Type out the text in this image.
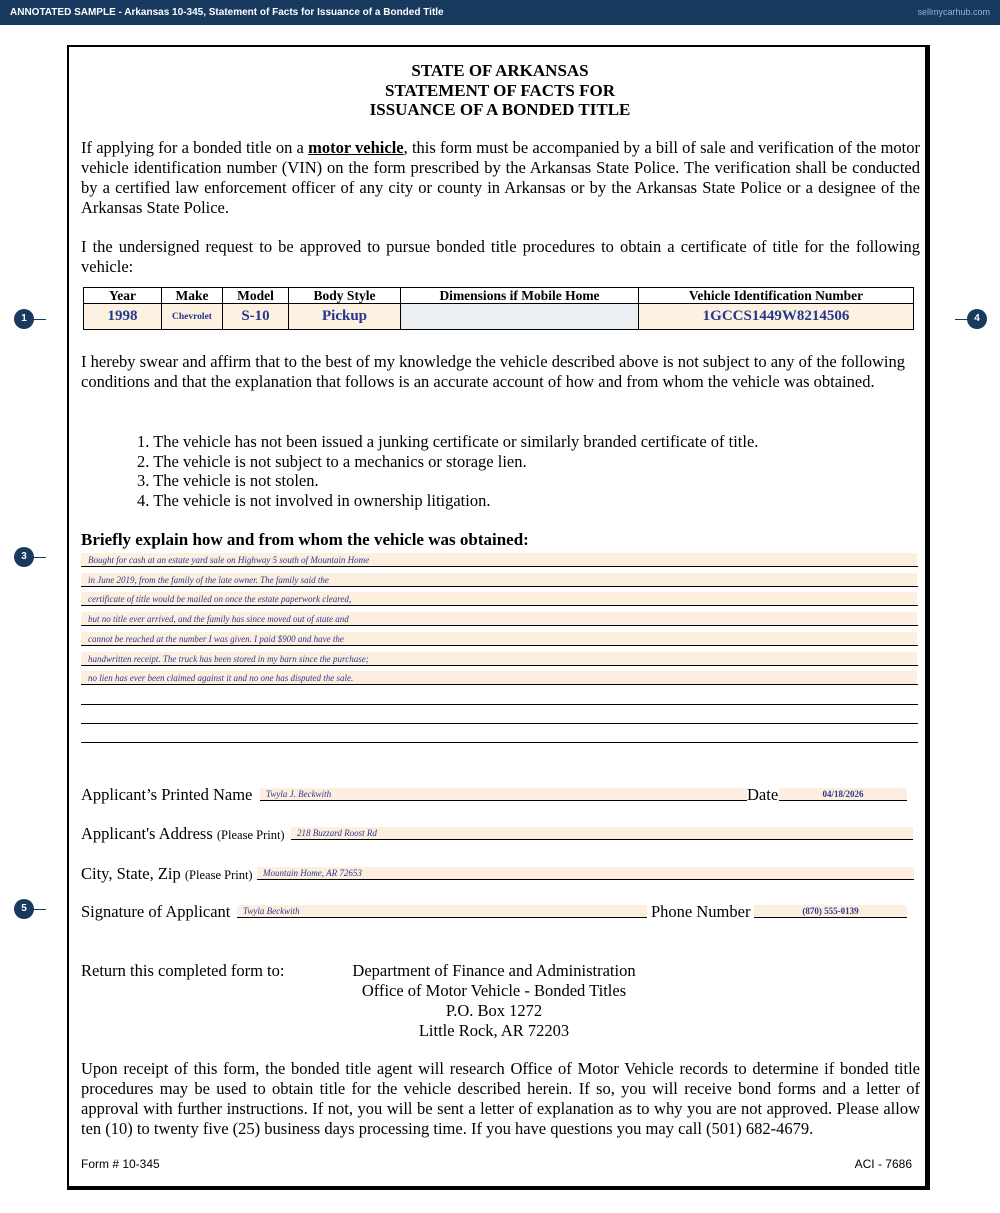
ANNOTATED SAMPLE - Arkansas 10-345, Statement of Facts for Issuance of a Bonded Title	sellmycarhub.com
STATE OF ARKANSAS
STATEMENT OF FACTS FOR
ISSUANCE OF A BONDED TITLE
If applying for a bonded title on a motor vehicle, this form must be accompanied by a bill of sale and verification of the motor vehicle identification number (VIN) on the form prescribed by the Arkansas State Police. The verification shall be conducted by a certified law enforcement officer of any city or county in Arkansas or by the Arkansas State Police or a designee of the Arkansas State Police.
I the undersigned request to be approved to pursue bonded title procedures to obtain a certificate of title for the following vehicle:
Year	Make	Model	Body Style	Dimensions if Mobile Home	Vehicle Identification Number
1998	Chevrolet	S-10	Pickup		1GCCS1449W8214506
I hereby swear and affirm that to the best of my knowledge the vehicle described above is not subject to any of the following conditions and that the explanation that follows is an accurate account of how and from whom the vehicle was obtained.
1. The vehicle has not been issued a junking certificate or similarly branded certificate of title.
2. The vehicle is not subject to a mechanics or storage lien.
3. The vehicle is not stolen.
4. The vehicle is not involved in ownership litigation.
Briefly explain how and from whom the vehicle was obtained:
Bought for cash at an estate yard sale on Highway 5 south of Mountain Home
in June 2019, from the family of the late owner. The family said the
certificate of title would be mailed on once the estate paperwork cleared,
but no title ever arrived, and the family has since moved out of state and
cannot be reached at the number I was given. I paid $900 and have the
handwritten receipt. The truck has been stored in my barn since the purchase;
no lien has ever been claimed against it and no one has disputed the sale.
Applicant’s Printed Name	Twyla J. Beckwith	Date	04/18/2026
Applicant's Address (Please Print)	218 Buzzard Roost Rd
City, State, Zip (Please Print)	Mountain Home, AR 72653
Signature of Applicant	Twyla Beckwith	Phone Number	(870) 555-0139
Return this completed form to:	Department of Finance and Administration
Office of Motor Vehicle - Bonded Titles
P.O. Box 1272
Little Rock, AR 72203
Upon receipt of this form, the bonded title agent will research Office of Motor Vehicle records to determine if bonded title procedures may be used to obtain title for the vehicle described herein. If so, you will receive bond forms and a letter of approval with further instructions. If not, you will be sent a letter of explanation as to why you are not approved. Please allow ten (10) to twenty five (25) business days processing time. If you have questions you may call (501) 682-4679.
Form # 10-345	ACI - 7686
1	4
3
5
